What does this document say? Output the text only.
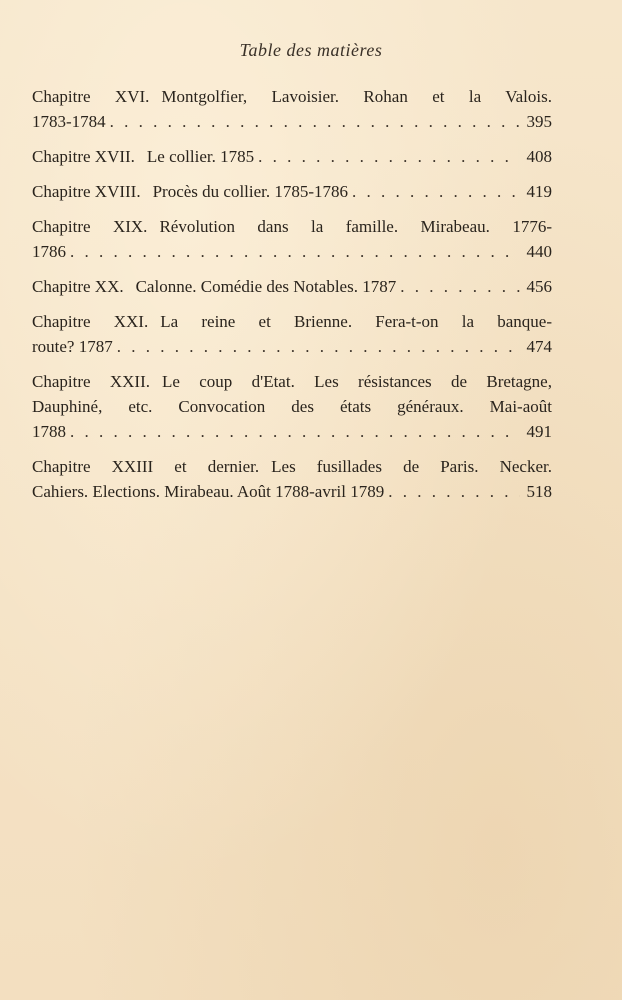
Table des matières
Chapitre XVI. Montgolfier, Lavoisier. Rohan et la Valois.
1783-1784 . . .	395
Chapitre XVII. Le collier. 1785 . . .	408
Chapitre XVIII. Procès du collier. 1785-1786 . . .	419
Chapitre XIX. Révolution dans la famille. Mirabeau. 1776-
1786 . . .	440
Chapitre XX. Calonne. Comédie des Notables. 1787 . . .	456
Chapitre XXI. La reine et Brienne. Fera-t-on la banque-
route? 1787 . . .	474
Chapitre XXII. Le coup d'Etat. Les résistances de Bretagne,
Dauphiné, etc. Convocation des états généraux. Mai-août
1788 . . .	491
Chapitre XXIII et dernier. Les fusillades de Paris. Necker.
Cahiers. Elections. Mirabeau. Août 1788-avril 1789 . . .	518
